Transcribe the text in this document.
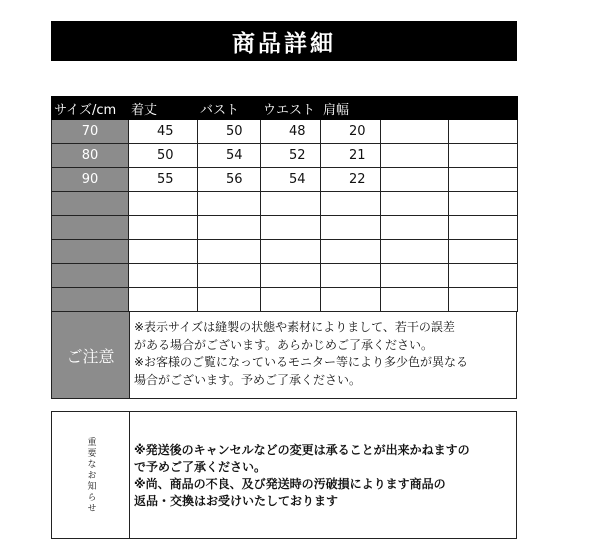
商品詳細
サイズ/cm	着丈	バスト	ウエスト	肩幅		
70	45	50	48	20		
80	50	54	52	21		
90	55	56	54	22		

ご注意
※表示サイズは縫製の状態や素材によりまして、若干の誤差
がある場合がございます。あらかじめご了承ください。
※お客様のご覧になっているモニター等により多少色が異なる
場合がございます。予めご了承ください。
重要なお知らせ	※発送後のキャンセルなどの変更は承ることが出来かねますの
で予めご了承ください。
※尚、商品の不良、及び発送時の汚破損によります商品の
返品・交換はお受けいたしております
